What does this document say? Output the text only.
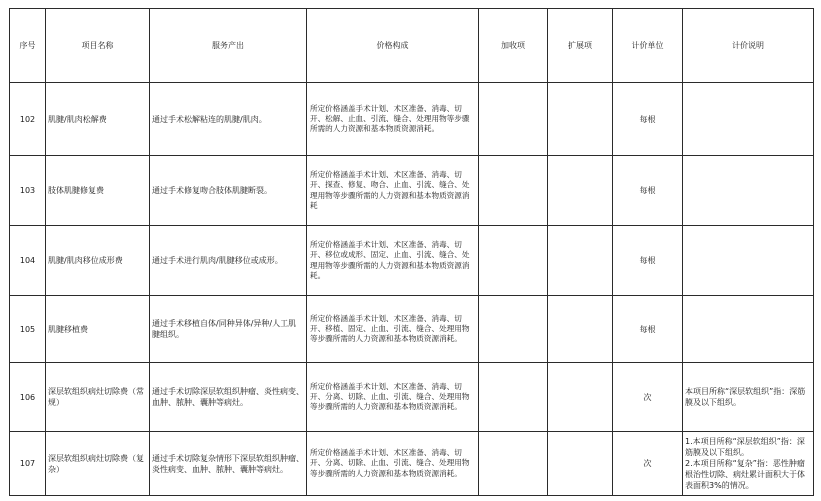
序号	项目名称	服务产出	价格构成	加收项	扩展项	计价单位	计价说明
102	肌腱/肌肉松解费	通过手术松解粘连的肌腱/肌肉。	所定价格涵盖手术计划、术区准备、消毒、切开、松解、止血、引流、缝合、处理用物等步骤所需的人力资源和基本物质资源消耗。			每根	
103	肢体肌腱修复费	通过手术修复吻合肢体肌腱断裂。	所定价格涵盖手术计划、术区准备、消毒、切开、探查、修复、吻合、止血、引流、缝合、处理用物等步骤所需的人力资源和基本物质资源消耗			每根	
104	肌腱/肌肉移位成形费	通过手术进行肌肉/肌腱移位或成形。	所定价格涵盖手术计划、术区准备、消毒、切开、移位或成形、固定、止血、引流、缝合、处理用物等步骤所需的人力资源和基本物质资源消耗。			每根	
105	肌腱移植费	通过手术移植自体/同种异体/异种/人工肌腱组织。	所定价格涵盖手术计划、术区准备、消毒、切开、移植、固定、止血、引流、缝合、处理用物等步骤所需的人力资源和基本物质资源消耗。			每根	
106	深层软组织病灶切除费（常规）	通过手术切除深层软组织肿瘤、炎性病变、血肿、脓肿、囊肿等病灶。	所定价格涵盖手术计划、术区准备、消毒、切开、分离、切除、止血、引流、缝合、处理用物等步骤所需的人力资源和基本物质资源消耗。			次	本项目所称“深层软组织”指：深筋膜及以下组织。

107	深层软组织病灶切除费（复杂）	通过手术切除复杂情形下深层软组织肿瘤、炎性病变、血肿、脓肿、囊肿等病灶。	所定价格涵盖手术计划、术区准备、消毒、切开、分离、切除、止血、引流、缝合、处理用物等步骤所需的人力资源和基本物质资源消耗。			次	1.本项目所称“深层软组织”指：深筋膜及以下组织。

2.本项目所称“复杂”指：恶性肿瘤根治性切除、病灶累计面积大于体表面积3%的情况。
